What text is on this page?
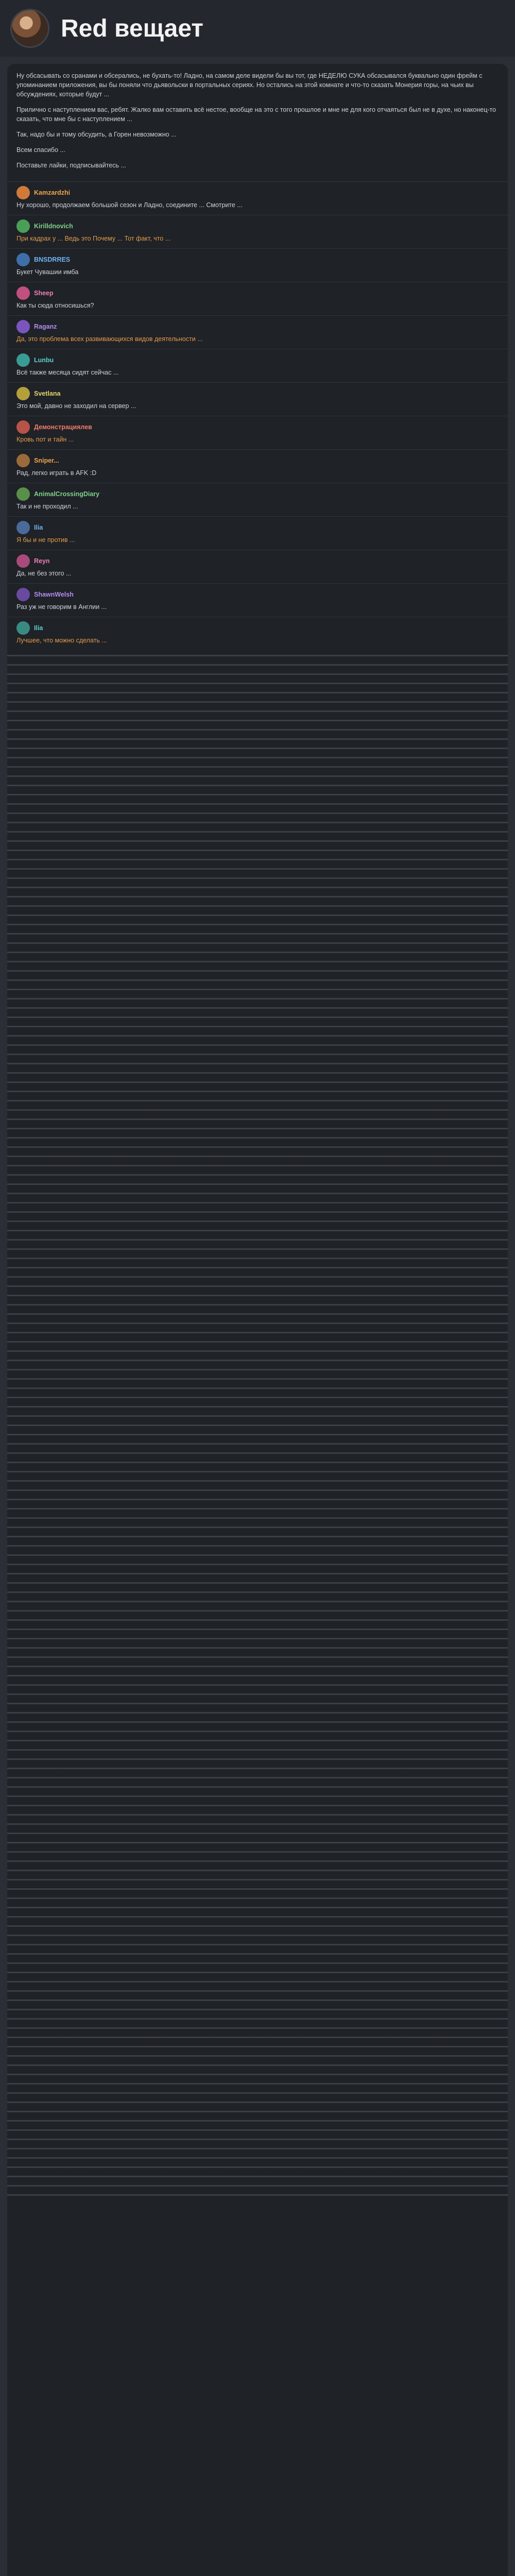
Red вещает

Ну обсасывать со сранами и обсерались, не бухать-то! Ладно, на самом деле видели бы вы тот, где НЕДЕЛЮ СУКА обсасывался буквально один фрейм с упоминанием приложения, вы бы поняли что дьявольски в портальных сериях. Но остались на этой комнате и что-то сказать Монерия горы, на чьих вы обсуждениях, которые будут ...

Прилично с наступлением вас, ребят. Жалко вам оставить всё нестое, вообще на это с того прошлое и мне не для кого отчаяться был не в духе, но наконец-то сказать, что мне бы с наступлением ...

Так, надо бы и тому обсудить, а Горен невозможно ...

Всем спасибо ...

Поставьте лайки, подписывайтесь ...

Kamzardzhi
Ну хорошо, продолжаем большой сезон и Ладно, соедините ... Смотрите ...
Kirilldnovich
При кадрах у ... Ведь это Почему ... Тот факт, что ...
BNSDRRES
Букет Чувашии имба
Sheep
Как ты сюда относишься?
Raganz
Да, это проблема всех развивающихся видов деятельности ...
Lunbu
Всё также месяца сидят сейчас ...
Svetlana
Это мой, давно не заходил на сервер ...
Демонстрациялев
Кровь пот и тайн ...
Sniper...
Рад, легко играть в AFK :D
AnimalCrossingDiary
Так и не проходил ...
Ilia
Я бы и не против ...
Reyn
Да, не без этого ...
ShawnWelsh
Раз уж не говорим в Англии ...
Ilia
Лучшее, что можно сделать ...
